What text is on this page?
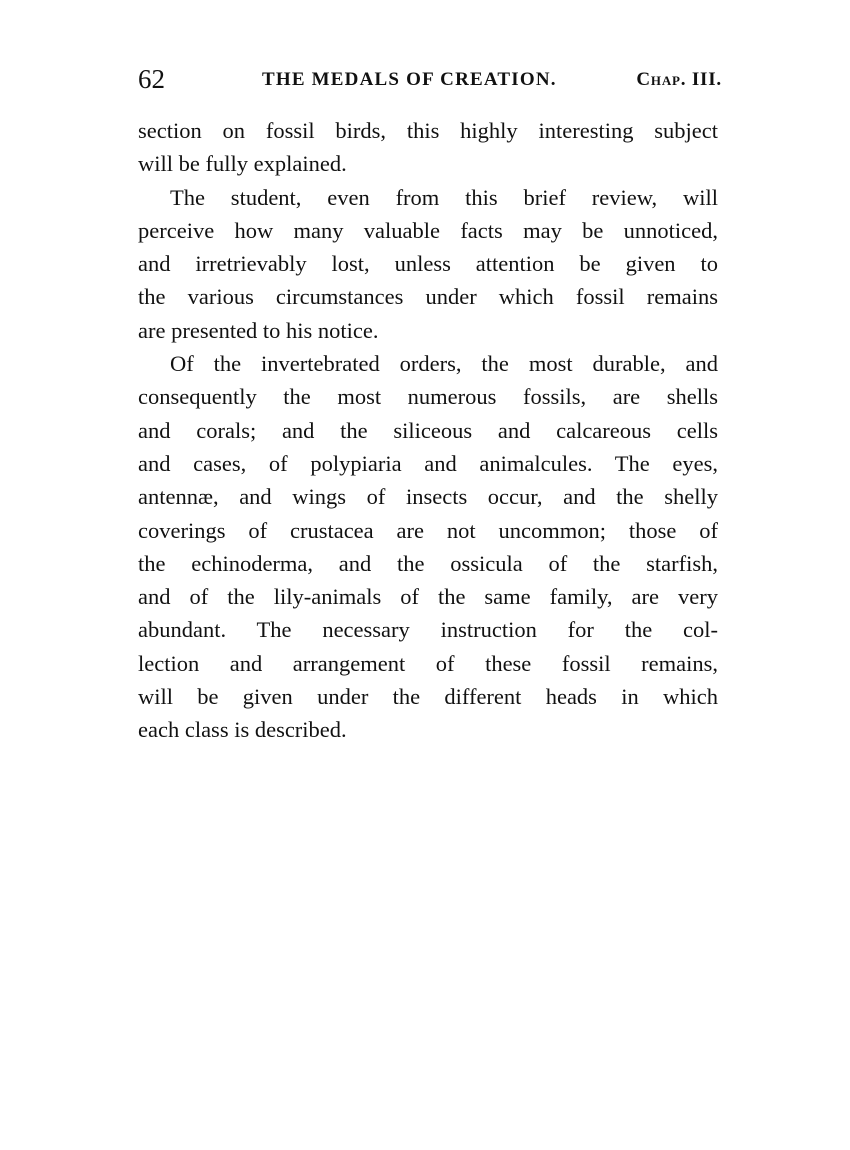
62	THE MEDALS OF CREATION.	Chap. III.
section on fossil birds, this highly interesting subject
will be fully explained.
The student, even from this brief review, will
perceive how many valuable facts may be unnoticed,
and irretrievably lost, unless attention be given to
the various circumstances under which fossil remains
are presented to his notice.
Of the invertebrated orders, the most durable, and
consequently the most numerous fossils, are shells
and corals; and the siliceous and calcareous cells
and cases, of polypiaria and animalcules. The eyes,
antennæ, and wings of insects occur, and the shelly
coverings of crustacea are not uncommon; those of
the echinoderma, and the ossicula of the starfish,
and of the lily-animals of the same family, are very
abundant. The necessary instruction for the col-
lection and arrangement of these fossil remains,
will be given under the different heads in which
each class is described.
